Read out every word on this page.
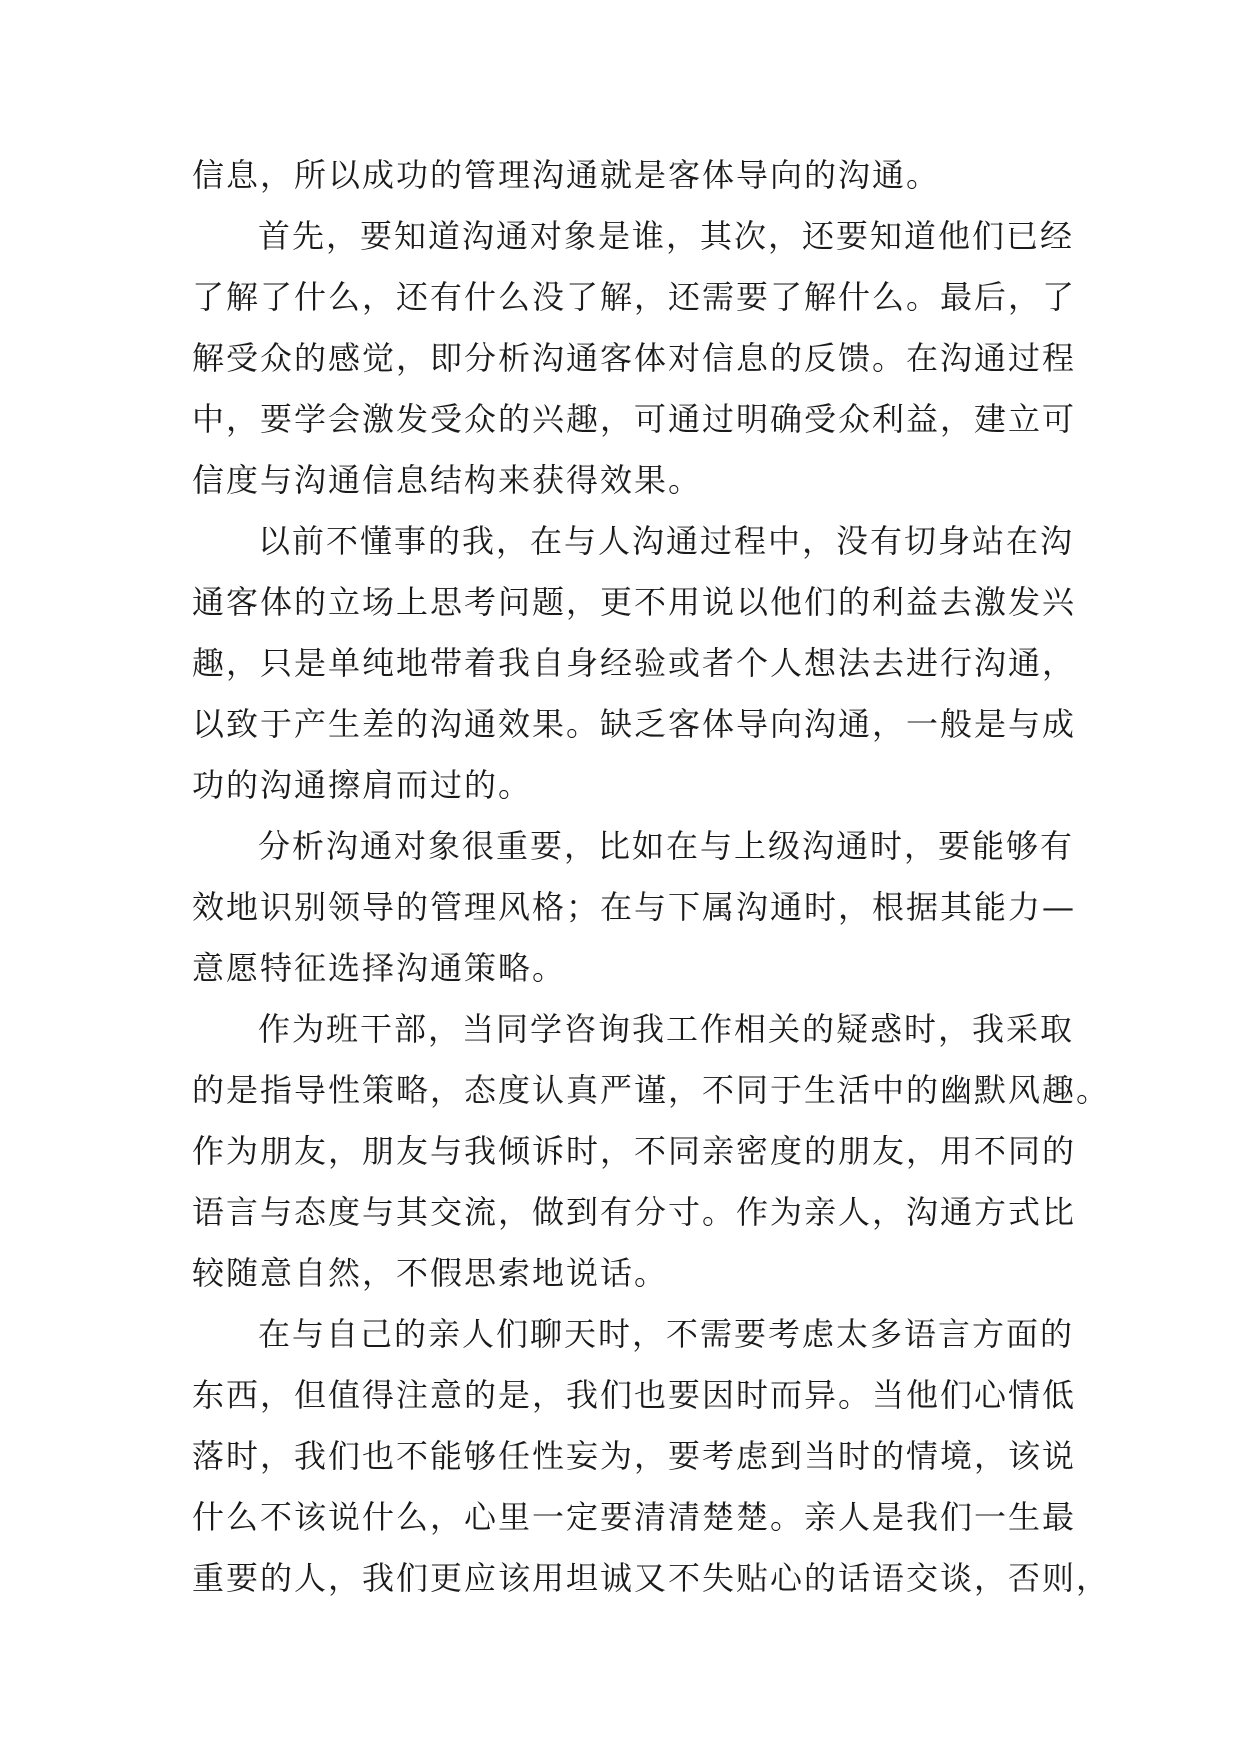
信息，所以成功的管理沟通就是客体导向的沟通。
首先，要知道沟通对象是谁，其次，还要知道他们已经
了解了什么，还有什么没了解，还需要了解什么。最后，了
解受众的感觉，即分析沟通客体对信息的反馈。在沟通过程
中，要学会激发受众的兴趣，可通过明确受众利益，建立可
信度与沟通信息结构来获得效果。
以前不懂事的我，在与人沟通过程中，没有切身站在沟
通客体的立场上思考问题，更不用说以他们的利益去激发兴
趣，只是单纯地带着我自身经验或者个人想法去进行沟通，
以致于产生差的沟通效果。缺乏客体导向沟通，一般是与成
功的沟通擦肩而过的。
分析沟通对象很重要，比如在与上级沟通时，要能够有
效地识别领导的管理风格；在与下属沟通时，根据其能力—
意愿特征选择沟通策略。
作为班干部，当同学咨询我工作相关的疑惑时，我采取
的是指导性策略，态度认真严谨，不同于生活中的幽默风趣。
作为朋友，朋友与我倾诉时，不同亲密度的朋友，用不同的
语言与态度与其交流，做到有分寸。作为亲人，沟通方式比
较随意自然，不假思索地说话。
在与自己的亲人们聊天时，不需要考虑太多语言方面的
东西，但值得注意的是，我们也要因时而异。当他们心情低
落时，我们也不能够任性妄为，要考虑到当时的情境，该说
什么不该说什么，心里一定要清清楚楚。亲人是我们一生最
重要的人，我们更应该用坦诚又不失贴心的话语交谈，否则，
